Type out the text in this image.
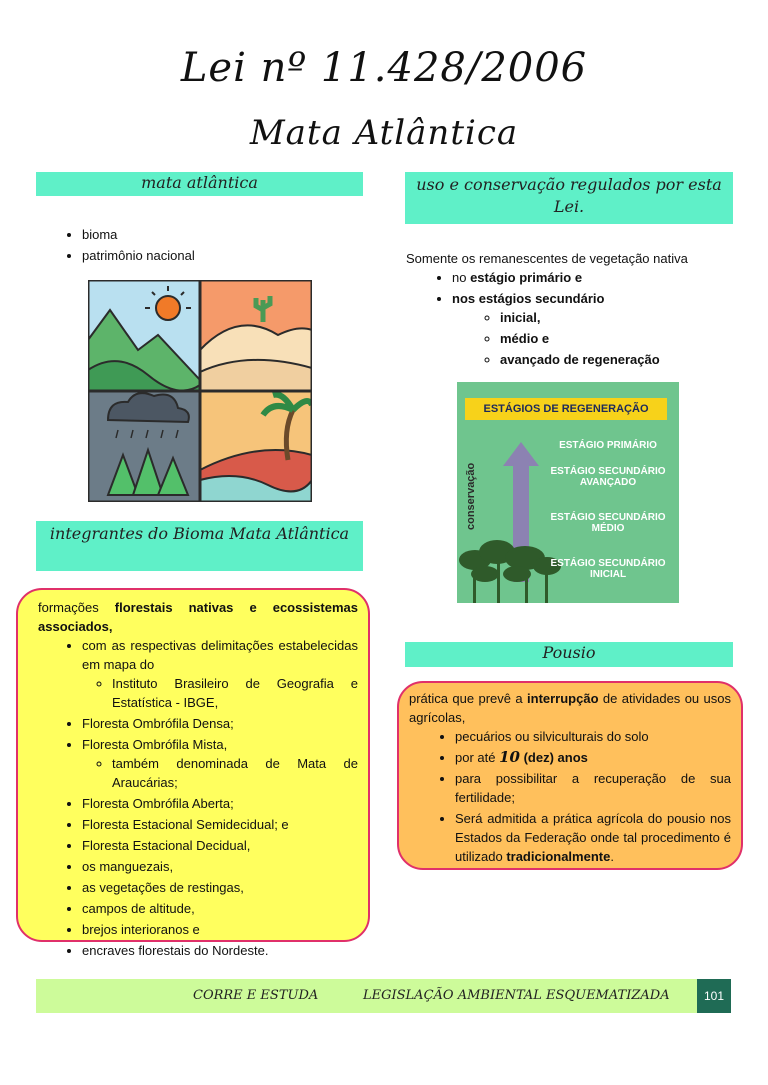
Lei nº 11.428/2006
Mata Atlântica
mata atlântica
• bioma
• patrimônio nacional
integrantes do Bioma Mata Atlântica
formações florestais nativas e ecossistemas associados,
• com as respectivas delimitações estabelecidas em mapa do
◦ Instituto Brasileiro de Geografia e Estatística - IBGE,
• Floresta Ombrófila Densa;
• Floresta Ombrófila Mista,
◦ também denominada de Mata de Araucárias;
• Floresta Ombrófila Aberta;
• Floresta Estacional Semidecidual; e
• Floresta Estacional Decidual,
• os manguezais,
• as vegetações de restingas,
• campos de altitude,
• brejos interioranos e
• encraves florestais do Nordeste.
uso e conservação regulados por esta Lei.
Somente os remanescentes de vegetação nativa
• no estágio primário e
• nos estágios secundário
◦ inicial,
◦ médio e
◦ avançado de regeneração
ESTÁGIOS DE REGENERAÇÃO
conservação
ESTÁGIO PRIMÁRIO
ESTÁGIO SECUNDÁRIO AVANÇADO
ESTÁGIO SECUNDÁRIO MÉDIO
ESTÁGIO SECUNDÁRIO INICIAL
Pousio
prática que prevê a interrupção de atividades ou usos agrícolas,
• pecuários ou silviculturais do solo
• por até 10 (dez) anos
• para possibilitar a recuperação de sua fertilidade;
• Será admitida a prática agrícola do pousio nos Estados da Federação onde tal procedimento é utilizado tradicionalmente.
CORRE E ESTUDA	LEGISLAÇÃO AMBIENTAL ESQUEMATIZADA	101
